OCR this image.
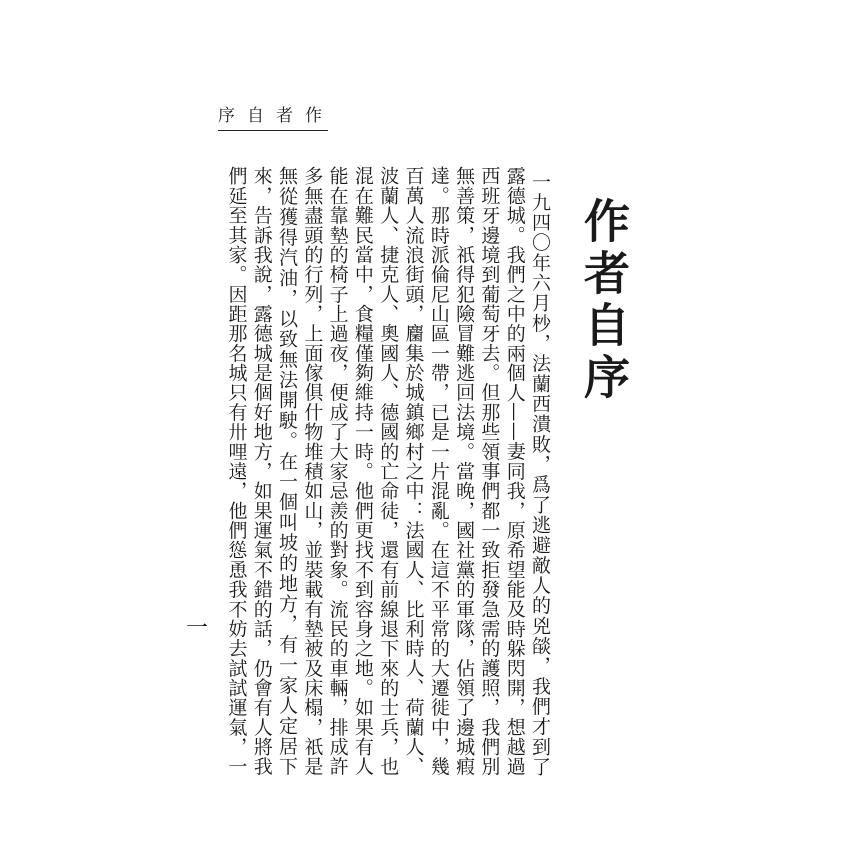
序自者作
作者自序

一九四〇年六月杪，法蘭西潰敗，爲了逃避敵人的兇燄，我們才到了露德城。我們之中的兩個人——妻同我，原希望能及時躲閃開，想越過西班牙邊境到葡萄牙去。但那些領事們都一致拒發急需的護照，我們別無善策，祇得犯險冒難逃回法境。當晚，國社黨的軍隊，佔領了邊城瘕達。那時派倫尼山區一帶，已是一片混亂。在這不平常的大遷徙中，幾百萬人流浪街頭，麕集於城鎮鄉村之中：法國人、比利時人、荷蘭人、波蘭人、捷克人、奧國人、德國的亡命徒，還有前線退下來的士兵，也混在難民當中，食糧僅夠維持一時。他們更找不到容身之地。如果有人能在靠墊的椅子上過夜，便成了大家忌羨的對象。流民的車輛，排成許多無盡頭的行列，上面傢俱什物堆積如山，並裝載有墊被及床榻，祇是無從獲得汽油，以致無法開駛。在一個叫坡的地方，有一家人定居下來，告訴我說，露德城是個好地方，如果運氣不錯的話，仍會有人將我們延至其家。因距那名城只有卅哩遠，他們慫恿我不妨去試試運氣，一

一
